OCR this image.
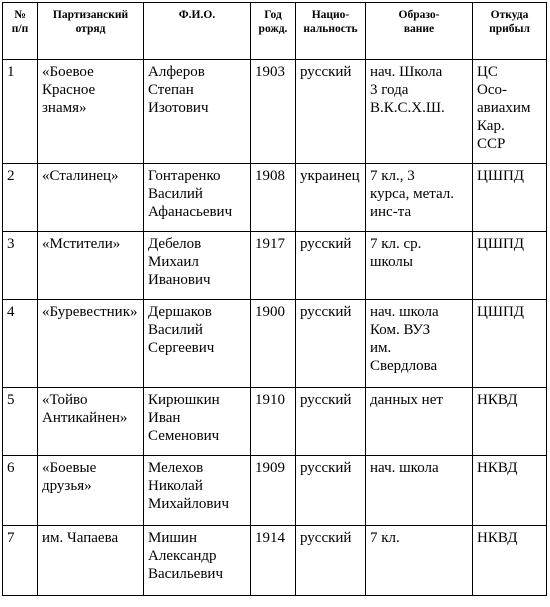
№
п/п	Партизанский
отряд	Ф.И.О.	Год
рожд.	Нацио-
нальность	Образо-
вание	Откуда
прибыл
1	«Боевое
Красное
знамя»	Алферов
Степан
Изотович	1903	русский	нач. Школа
3 года
В.К.С.Х.Ш.	ЦС
Осо-
авиахим
Кар.
ССР
2	«Сталинец»	Гонтаренко
Василий
Афанасьевич	1908	украинец	7 кл., 3
курса, метал.
инс-та	ЦШПД
3	«Мстители»	Дебелов
Михаил
Иванович	1917	русский	7 кл. ср.
школы	ЦШПД
4	«Буревестник»	Дершаков
Василий
Сергеевич	1900	русский	нач. школа
Ком. ВУЗ
им.
Свердлова	ЦШПД
5	«Тойво
Антикайнен»	Кирюшкин
Иван
Семенович	1910	русский	данных нет	НКВД
6	«Боевые
друзья»	Мелехов
Николай
Михайлович	1909	русский	нач. школа	НКВД
7	им. Чапаева	Мишин
Александр
Васильевич	1914	русский	7 кл.	НКВД
